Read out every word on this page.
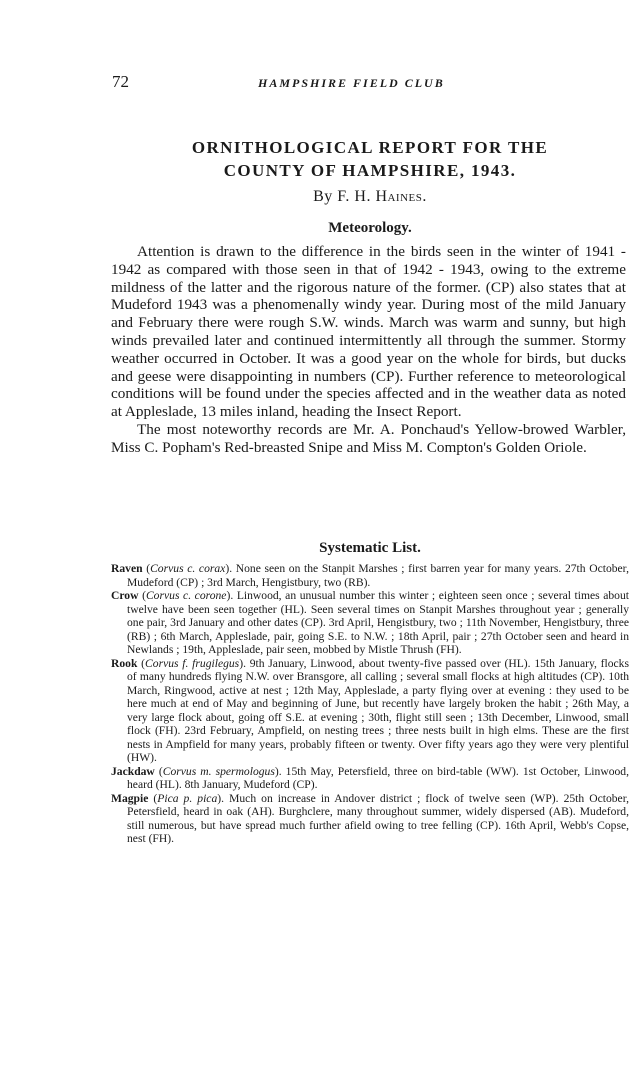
72	HAMPSHIRE FIELD CLUB
ORNITHOLOGICAL REPORT FOR THE
COUNTY OF HAMPSHIRE, 1943.
By F. H. Haines.
Meteorology.

Attention is drawn to the difference in the birds seen in the winter of 1941 - 1942 as compared with those seen in that of 1942 - 1943, owing to the extreme mildness of the latter and the rigorous nature of the former. (CP) also states that at Mudeford 1943 was a phenomenally windy year. During most of the mild January and February there were rough S.W. winds. March was warm and sunny, but high winds prevailed later and continued intermittently all through the summer. Stormy weather occurred in October. It was a good year on the whole for birds, but ducks and geese were disappointing in numbers (CP). Further reference to meteorological conditions will be found under the species affected and in the weather data as noted at Appleslade, 13 miles inland, heading the Insect Report.

The most noteworthy records are Mr. A. Ponchaud's Yellow-browed Warbler, Miss C. Popham's Red-breasted Snipe and Miss M. Compton's Golden Oriole.

Systematic List.

Raven (Corvus c. corax). None seen on the Stanpit Marshes ; first barren year for many years. 27th October, Mudeford (CP) ; 3rd March, Hengistbury, two (RB).

Crow (Corvus c. corone). Linwood, an unusual number this winter ; eighteen seen once ; several times about twelve have been seen together (HL). Seen several times on Stanpit Marshes throughout year ; generally one pair, 3rd January and other dates (CP). 3rd April, Hengistbury, two ; 11th November, Hengistbury, three (RB) ; 6th March, Appleslade, pair, going S.E. to N.W. ; 18th April, pair ; 27th October seen and heard in Newlands ; 19th, Appleslade, pair seen, mobbed by Mistle Thrush (FH).

Rook (Corvus f. frugilegus). 9th January, Linwood, about twenty-five passed over (HL). 15th January, flocks of many hundreds flying N.W. over Bransgore, all calling ; several small flocks at high altitudes (CP). 10th March, Ringwood, active at nest ; 12th May, Appleslade, a party flying over at evening : they used to be here much at end of May and beginning of June, but recently have largely broken the habit ; 26th May, a very large flock about, going off S.E. at evening ; 30th, flight still seen ; 13th December, Linwood, small flock (FH). 23rd February, Ampfield, on nesting trees ; three nests built in high elms. These are the first nests in Ampfield for many years, probably fifteen or twenty. Over fifty years ago they were very plentiful (HW).

Jackdaw (Corvus m. spermologus). 15th May, Petersfield, three on bird-table (WW). 1st October, Linwood, heard (HL). 8th January, Mudeford (CP).

Magpie (Pica p. pica). Much on increase in Andover district ; flock of twelve seen (WP). 25th October, Petersfield, heard in oak (AH). Burghclere, many throughout summer, widely dispersed (AB). Mudeford, still numerous, but have spread much further afield owing to tree felling (CP). 16th April, Webb's Copse, nest (FH).
